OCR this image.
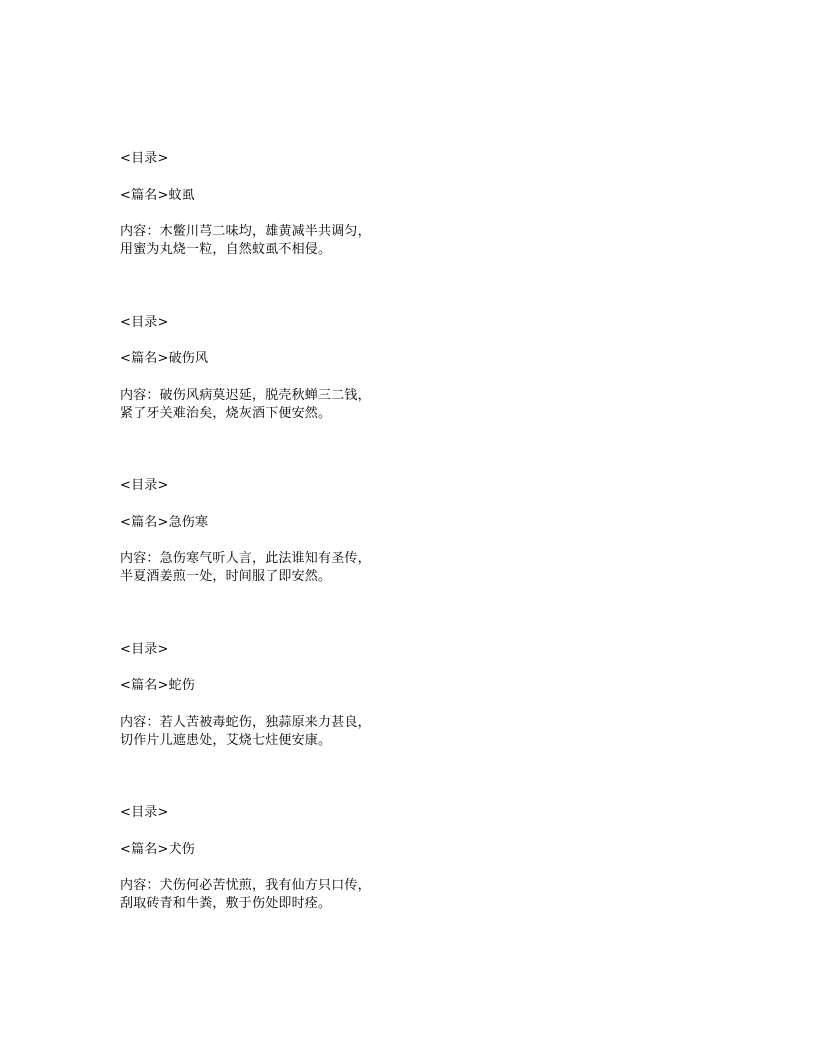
<目录>
<篇名>蚊虱
内容：木鳖川芎二味均，雄黄减半共调匀，
用蜜为丸烧一粒，自然蚊虱不相侵。
<目录>
<篇名>破伤风
内容：破伤风病莫迟延，脱壳秋蝉三二钱，
紧了牙关难治矣，烧灰酒下便安然。
<目录>
<篇名>急伤寒
内容：急伤寒气听人言，此法谁知有圣传，
半夏酒姜煎一处，时间服了即安然。
<目录>
<篇名>蛇伤
内容：若人苦被毒蛇伤，独蒜原来力甚良，
切作片儿遮患处，艾烧七炷便安康。
<目录>
<篇名>犬伤
内容：犬伤何必苦忧煎，我有仙方只口传，
刮取砖青和牛粪，敷于伤处即时痊。
